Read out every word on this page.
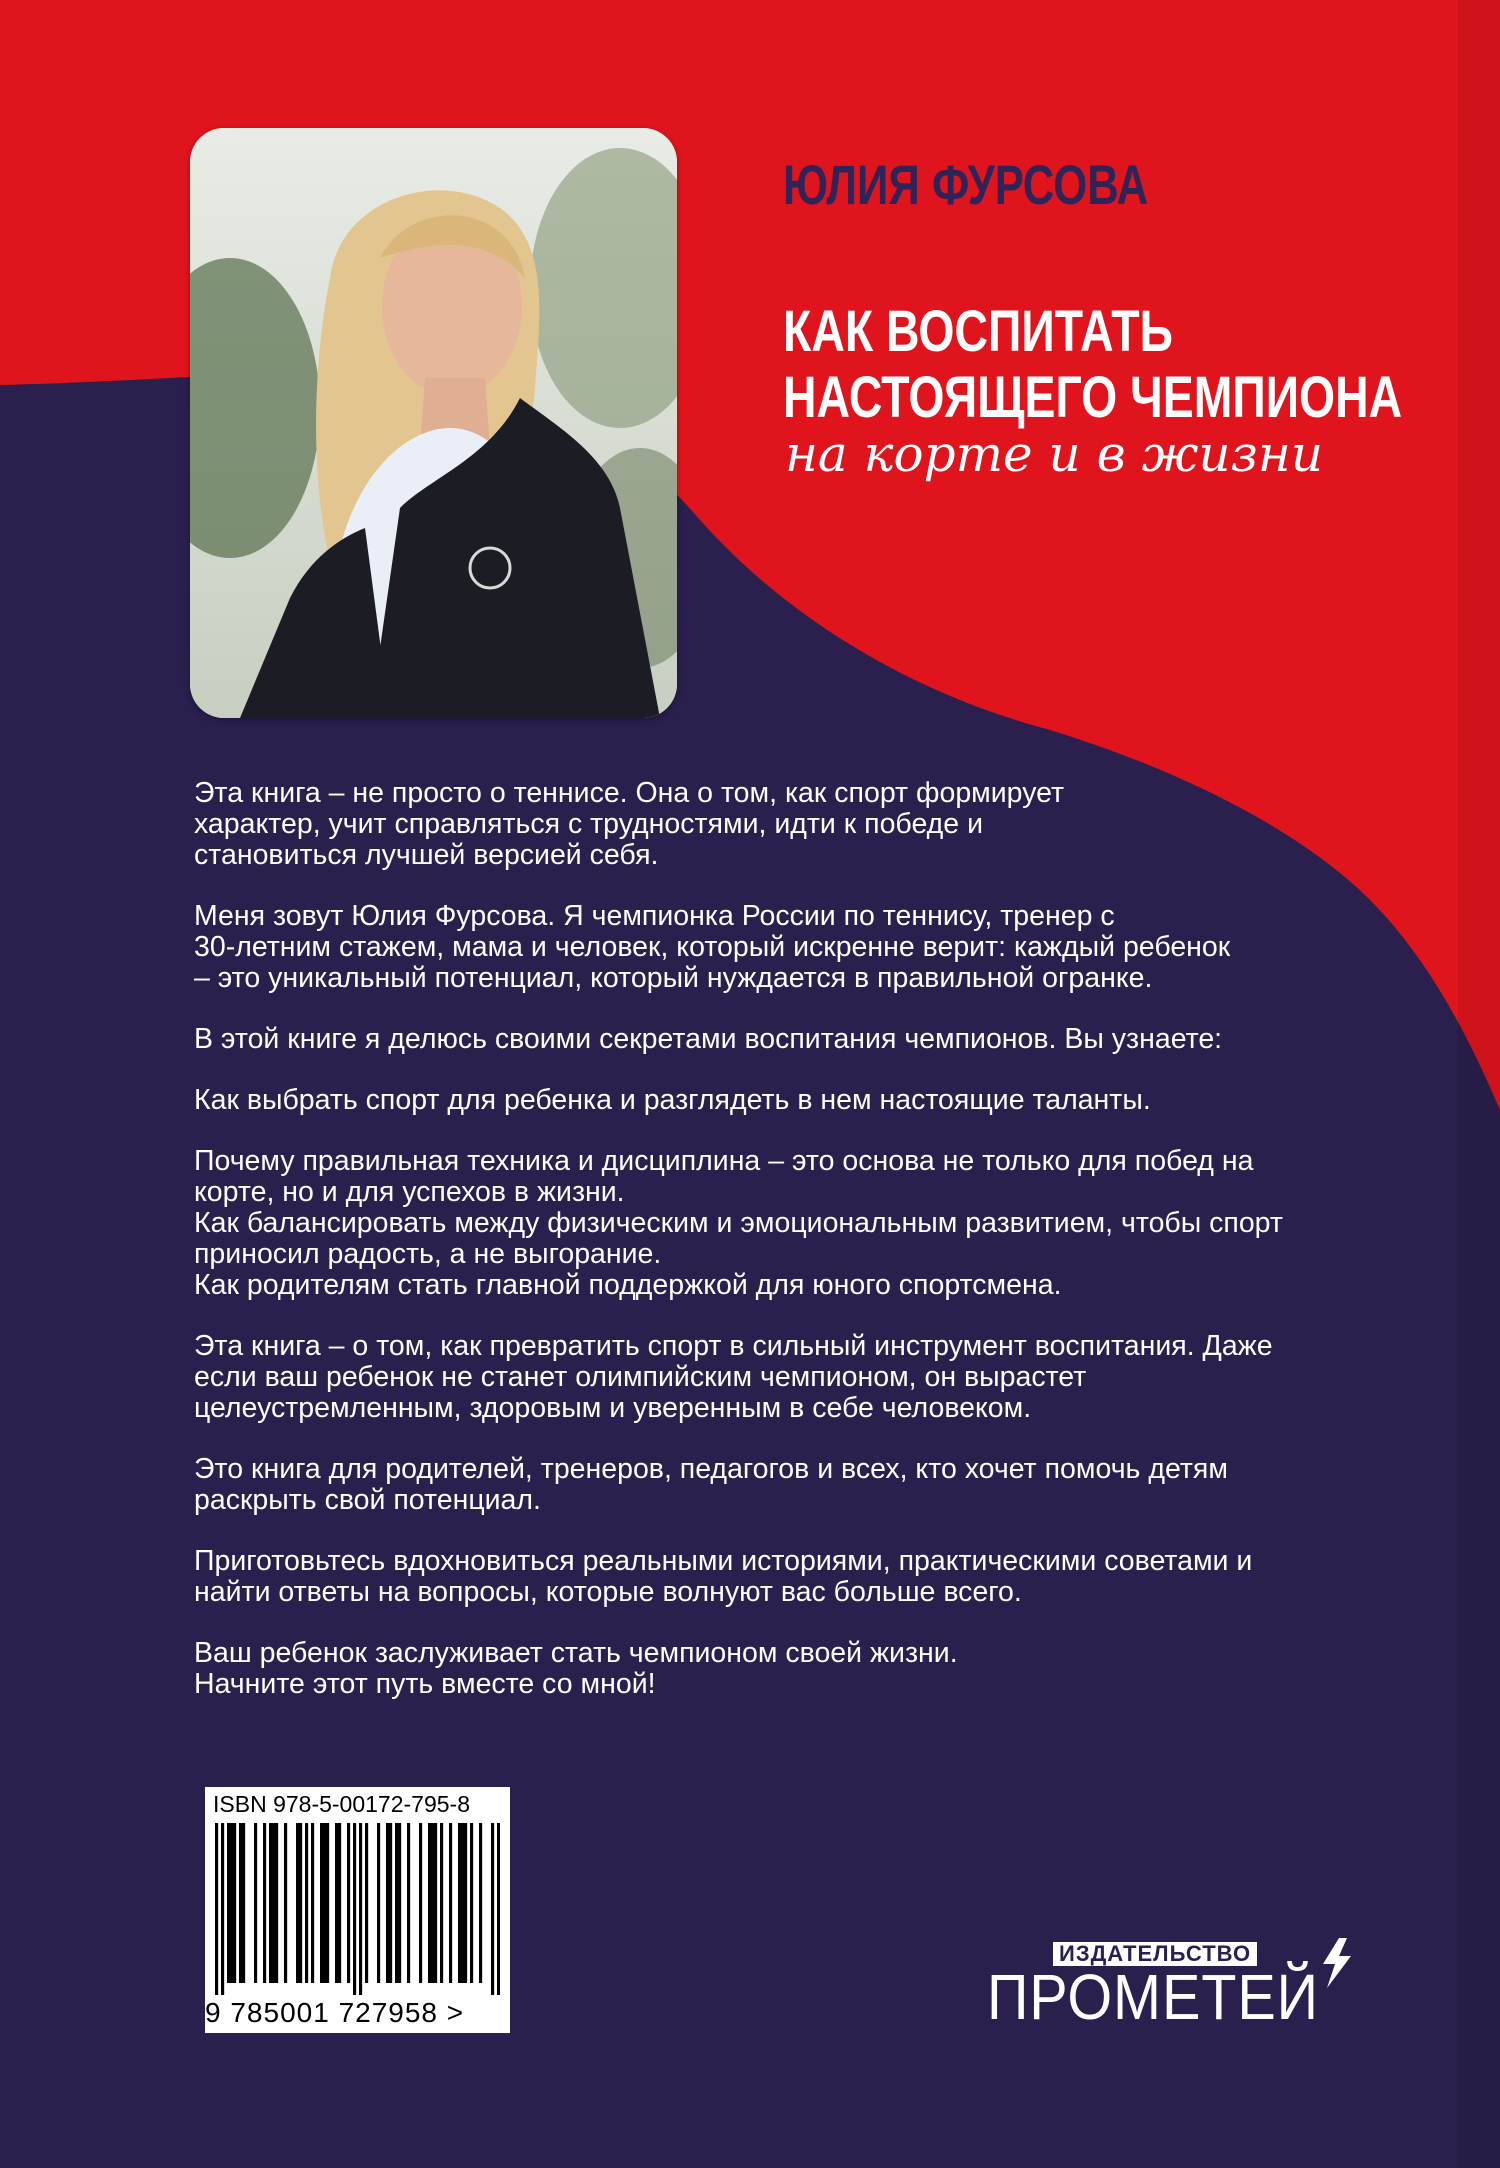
ЮЛИЯ ФУРСОВА
КАК ВОСПИТАТЬ
НАСТОЯЩЕГО ЧЕМПИОНА
на корте и в жизни

Эта книга – не просто о теннисе. Она о том, как спорт формирует
характер, учит справляться с трудностями, идти к победе и
становиться лучшей версией себя.

Меня зовут Юлия Фурсова. Я чемпионка России по теннису, тренер с
30-летним стажем, мама и человек, который искренне верит: каждый ребенок
– это уникальный потенциал, который нуждается в правильной огранке.

В этой книге я делюсь своими секретами воспитания чемпионов. Вы узнаете:

Как выбрать спорт для ребенка и разглядеть в нем настоящие таланты.

Почему правильная техника и дисциплина – это основа не только для побед на
корте, но и для успехов в жизни.
Как балансировать между физическим и эмоциональным развитием, чтобы спорт
приносил радость, а не выгорание.
Как родителям стать главной поддержкой для юного спортсмена.

Эта книга – о том, как превратить спорт в сильный инструмент воспитания. Даже
если ваш ребенок не станет олимпийским чемпионом, он вырастет
целеустремленным, здоровым и уверенным в себе человеком.

Это книга для родителей, тренеров, педагогов и всех, кто хочет помочь детям
раскрыть свой потенциал.

Приготовьтесь вдохновиться реальными историями, практическими советами и
найти ответы на вопросы, которые волнуют вас больше всего.

Ваш ребенок заслуживает стать чемпионом своей жизни.
Начните этот путь вместе со мной!

ISBN 978-5-00172-795-8
9 785001 727958 >
ИЗДАТЕЛЬСТВО
ПРОМЕТЕЙ
